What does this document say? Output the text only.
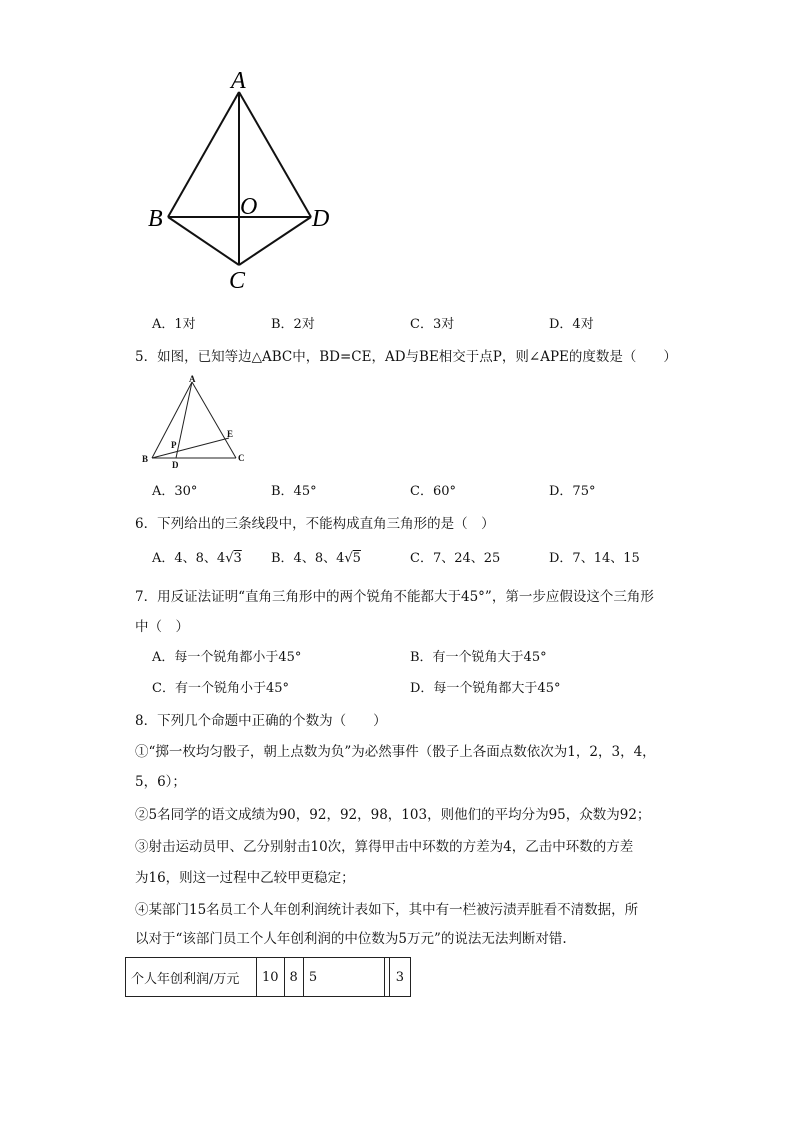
A
B
C
D
O
A．1对	B．2对	C．3对	D．4对
5．如图，已知等边△ABC中，BD=CE，AD与BE相交于点P，则∠APE的度数是（　　）
A
B	C
D
E
P
A．30°	B．45°	C．60°	D．75°
6．下列给出的三条线段中，不能构成直角三角形的是（　）
A．4、8、4√3 B．4、8、4√5	C．7、24、25	D．7、14、15
7．用反证法证明“直角三角形中的两个锐角不能都大于45°”，第一步应假设这个三角形
中（　）
A．每一个锐角都小于45°	B．有一个锐角大于45°
C．有一个锐角小于45°	D．每一个锐角都大于45°
8．下列几个命题中正确的个数为（　　）
①“掷一枚均匀骰子，朝上点数为负”为必然事件（骰子上各面点数依次为1，2，3，4，
5，6）；
②5名同学的语文成绩为90，92，92，98，103，则他们的平均分为95，众数为92；
③射击运动员甲、乙分别射击10次，算得甲击中环数的方差为4，乙击中环数的方差
为16，则这一过程中乙较甲更稳定；
④某部门15名员工个人年创利润统计表如下，其中有一栏被污渍弄脏看不清数据，所
以对于“该部门员工个人年创利润的中位数为5万元”的说法无法判断对错.
个人年创利润/万元	10	8	5		3
